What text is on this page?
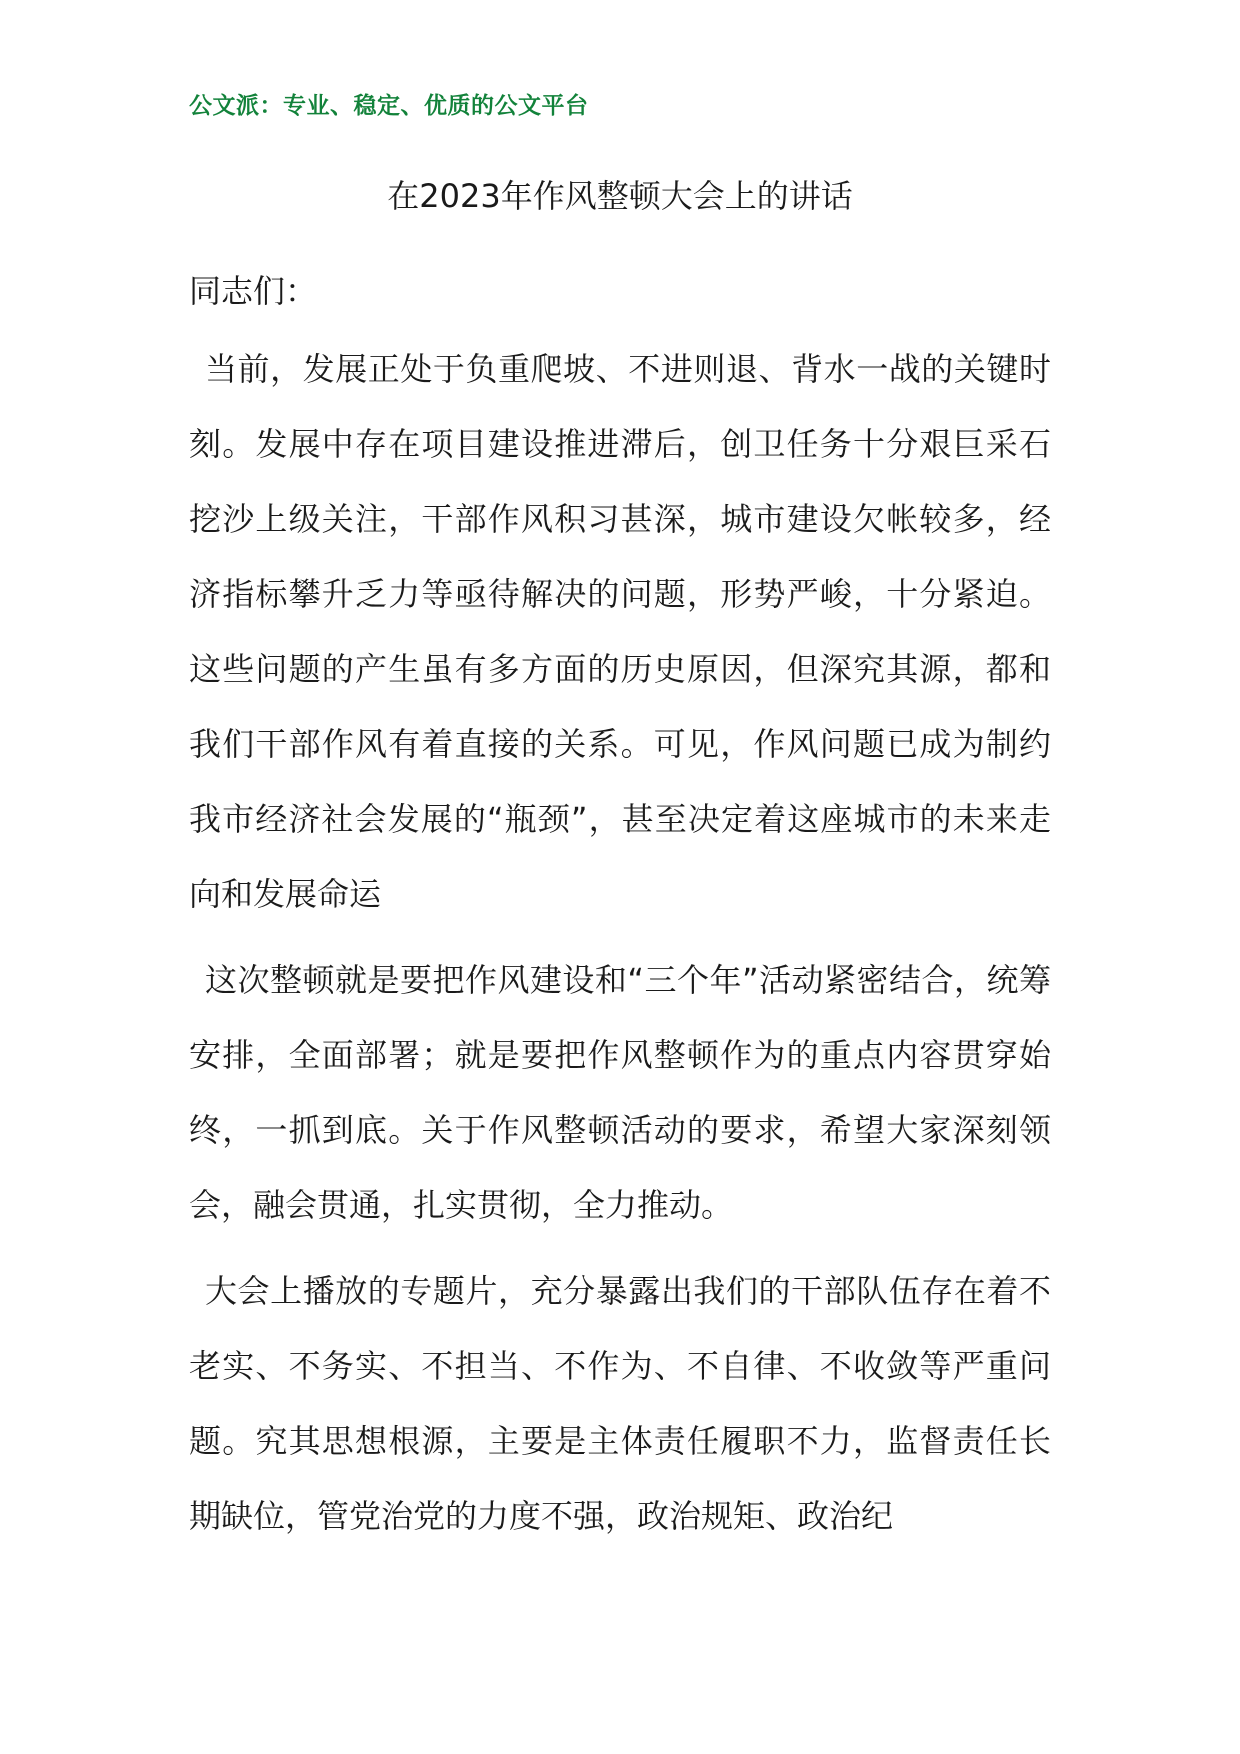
公文派：专业、稳定、优质的公文平台
在2023年作风整顿大会上的讲话

同志们：

当前，发展正处于负重爬坡、不进则退、背水一战的关键时刻。发展中存在项目建设推进滞后，创卫任务十分艰巨采石挖沙上级关注，干部作风积习甚深，城市建设欠帐较多，经济指标攀升乏力等亟待解决的问题，形势严峻，十分紧迫。这些问题的产生虽有多方面的历史原因，但深究其源，都和我们干部作风有着直接的关系。可见，作风问题已成为制约我市经济社会发展的“瓶颈”，甚至决定着这座城市的未来走向和发展命运

这次整顿就是要把作风建设和“三个年”活动紧密结合，统筹安排，全面部署；就是要把作风整顿作为的重点内容贯穿始终，一抓到底。关于作风整顿活动的要求，希望大家深刻领会，融会贯通，扎实贯彻，全力推动。

大会上播放的专题片，充分暴露出我们的干部队伍存在着不老实、不务实、不担当、不作为、不自律、不收敛等严重问题。究其思想根源，主要是主体责任履职不力，监督责任长期缺位，管党治党的力度不强，政治规矩、政治纪
